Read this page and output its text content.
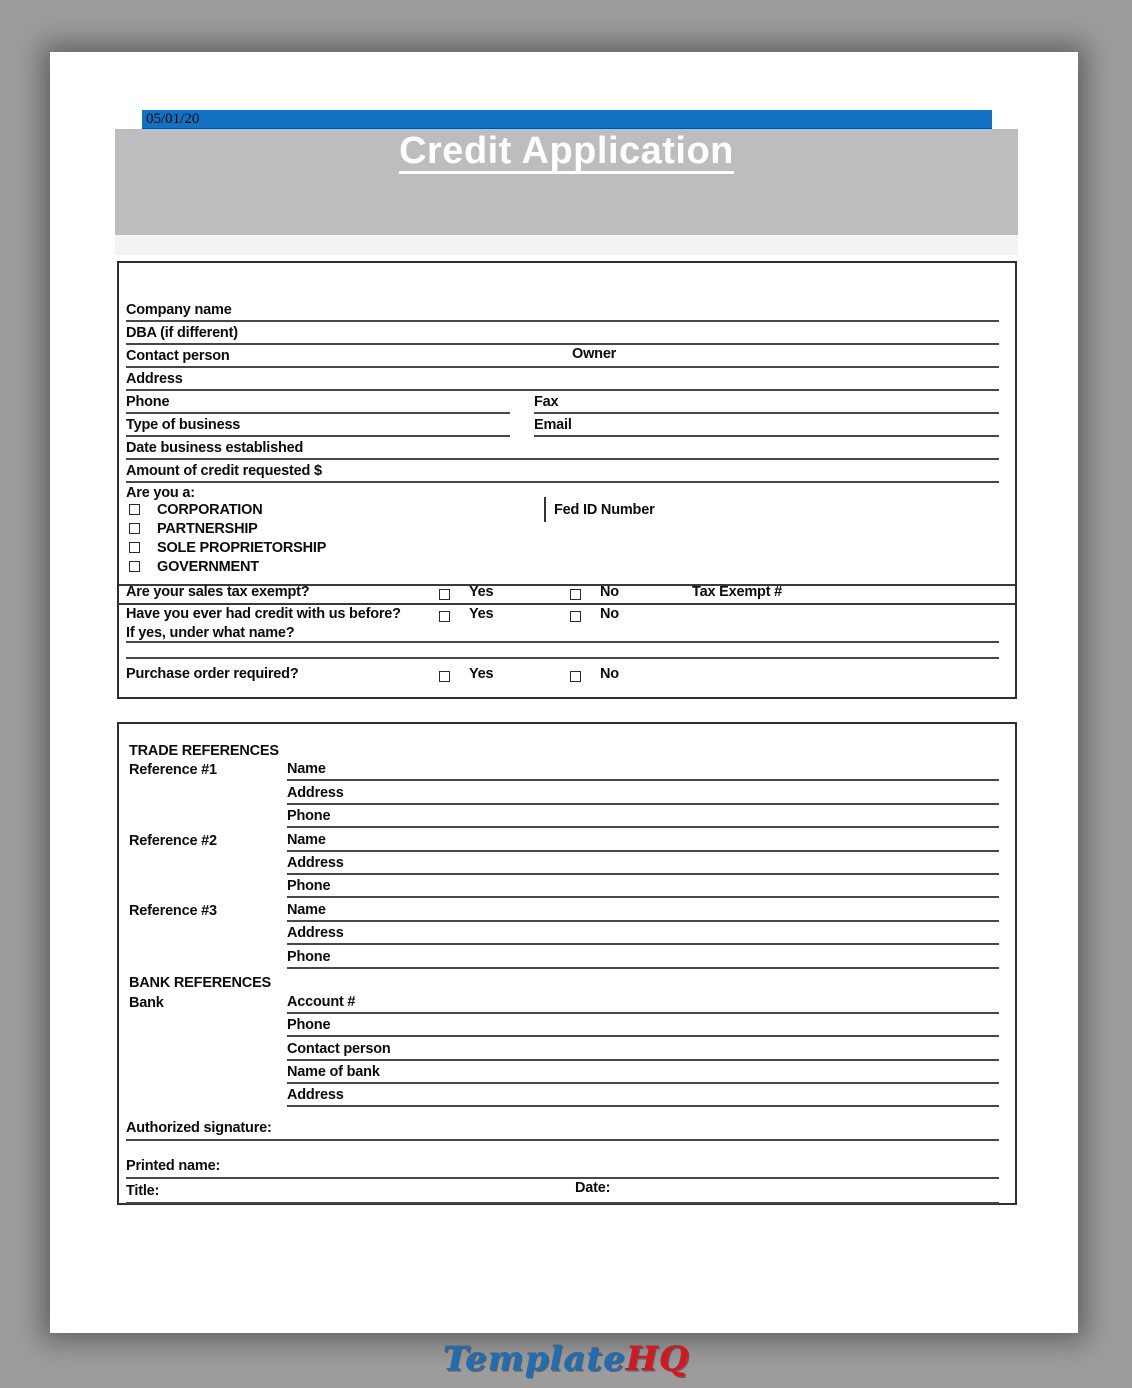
05/01/20
Credit Application
Company name
DBA (if different)
Contact person	Owner
Address
Phone	Fax
Type of business	Email
Date business established
Amount of credit requested $
Are you a:
CORPORATION	Fed ID Number
PARTNERSHIP
SOLE PROPRIETORSHIP
GOVERNMENT
Are your sales tax exempt?	Yes	No	Tax Exempt #
Have you ever had credit with us before?	Yes	No
If yes, under what name?
Purchase order required?	Yes	No
TRADE REFERENCES
Reference #1	Name
Address
Phone
Reference #2	Name
Address
Phone
Reference #3	Name
Address
Phone
BANK REFERENCES
Bank	Account #
Phone
Contact person
Name of bank
Address
Authorized signature:
Printed name:
Title:	Date:
TemplateHQ
